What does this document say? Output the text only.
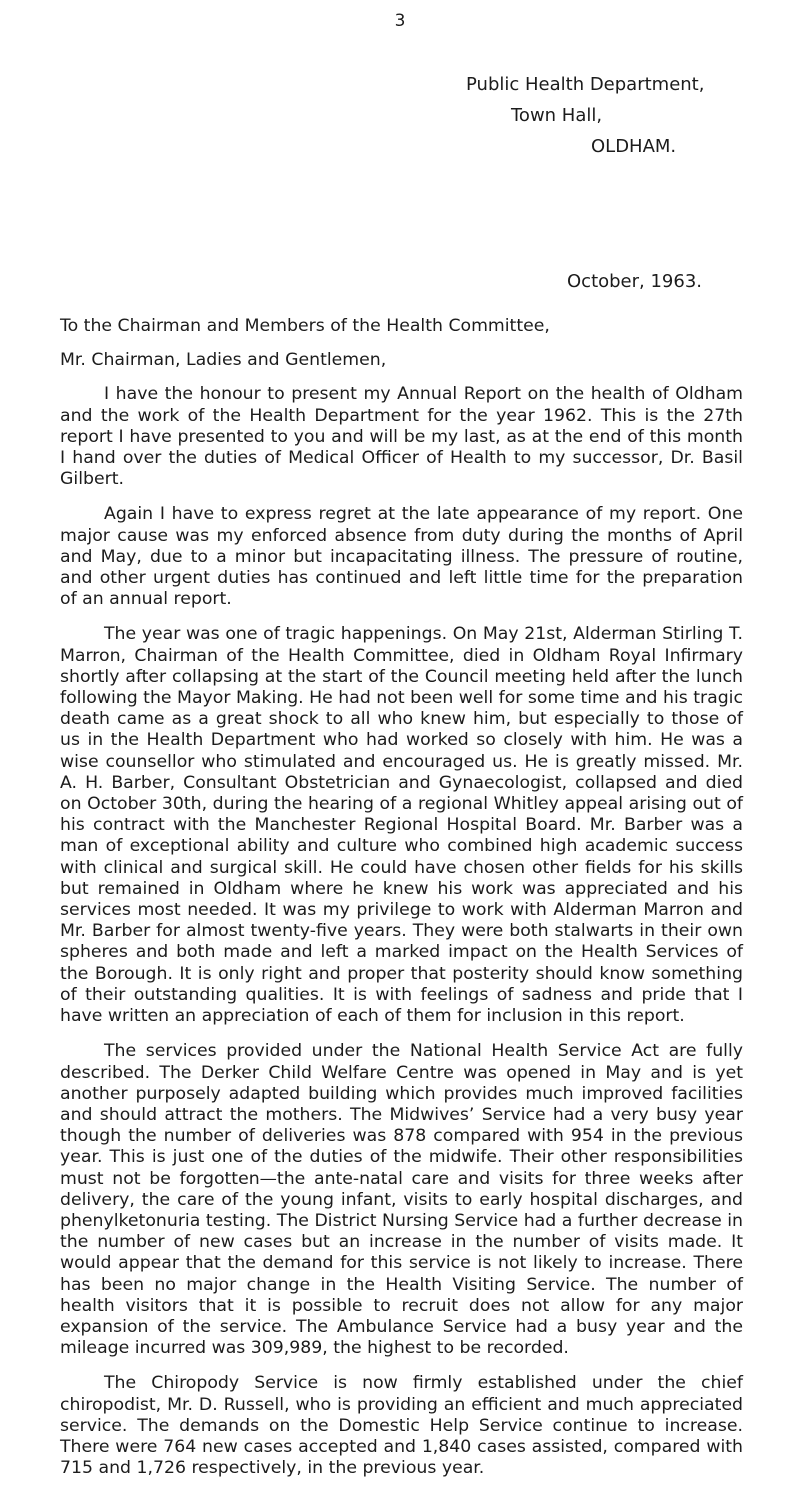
3
Public Health Department,
Town Hall,
OLDHAM.
October, 1963.

To the Chairman and Members of the Health Committee,

Mr. Chairman, Ladies and Gentlemen,

I have the honour to present my Annual Report on the health of Oldham and the work of the Health Department for the year 1962. This is the 27th report I have presented to you and will be my last, as at the end of this month I hand over the duties of Medical Officer of Health to my successor, Dr. Basil Gilbert.

Again I have to express regret at the late appearance of my report. One major cause was my enforced absence from duty during the months of April and May, due to a minor but incapacitating illness. The pressure of routine, and other urgent duties has continued and left little time for the preparation of an annual report.

The year was one of tragic happenings. On May 21st, Alderman Stirling T. Marron, Chairman of the Health Committee, died in Oldham Royal Infirmary shortly after collapsing at the start of the Council meeting held after the lunch following the Mayor Making. He had not been well for some time and his tragic death came as a great shock to all who knew him, but especially to those of us in the Health Department who had worked so closely with him. He was a wise counsellor who stimulated and encouraged us. He is greatly missed. Mr. A. H. Barber, Consultant Obstetrician and Gynaecologist, collapsed and died on October 30th, during the hearing of a regional Whitley appeal arising out of his contract with the Manchester Regional Hospital Board. Mr. Barber was a man of exceptional ability and culture who combined high academic success with clinical and surgical skill. He could have chosen other fields for his skills but remained in Oldham where he knew his work was appreciated and his services most needed. It was my privilege to work with Alderman Marron and Mr. Barber for almost twenty-five years. They were both stalwarts in their own spheres and both made and left a marked impact on the Health Services of the Borough. It is only right and proper that posterity should know something of their outstanding qualities. It is with feelings of sadness and pride that I have written an appreciation of each of them for inclusion in this report.

The services provided under the National Health Service Act are fully described. The Derker Child Welfare Centre was opened in May and is yet another purposely adapted building which provides much improved facilities and should attract the mothers. The Midwives’ Service had a very busy year though the number of deliveries was 878 compared with 954 in the previous year. This is just one of the duties of the midwife. Their other responsibilities must not be forgotten—the ante-natal care and visits for three weeks after delivery, the care of the young infant, visits to early hospital discharges, and phenylketonuria testing. The District Nursing Service had a further decrease in the number of new cases but an increase in the number of visits made. It would appear that the demand for this service is not likely to increase. There has been no major change in the Health Visiting Service. The number of health visitors that it is possible to recruit does not allow for any major expansion of the service. The Ambulance Service had a busy year and the mileage incurred was 309,989, the highest to be recorded.

The Chiropody Service is now firmly established under the chief chiropodist, Mr. D. Russell, who is providing an efficient and much appreciated service. The demands on the Domestic Help Service continue to increase. There were 764 new cases accepted and 1,840 cases assisted, compared with 715 and 1,726 respectively, in the previous year.
